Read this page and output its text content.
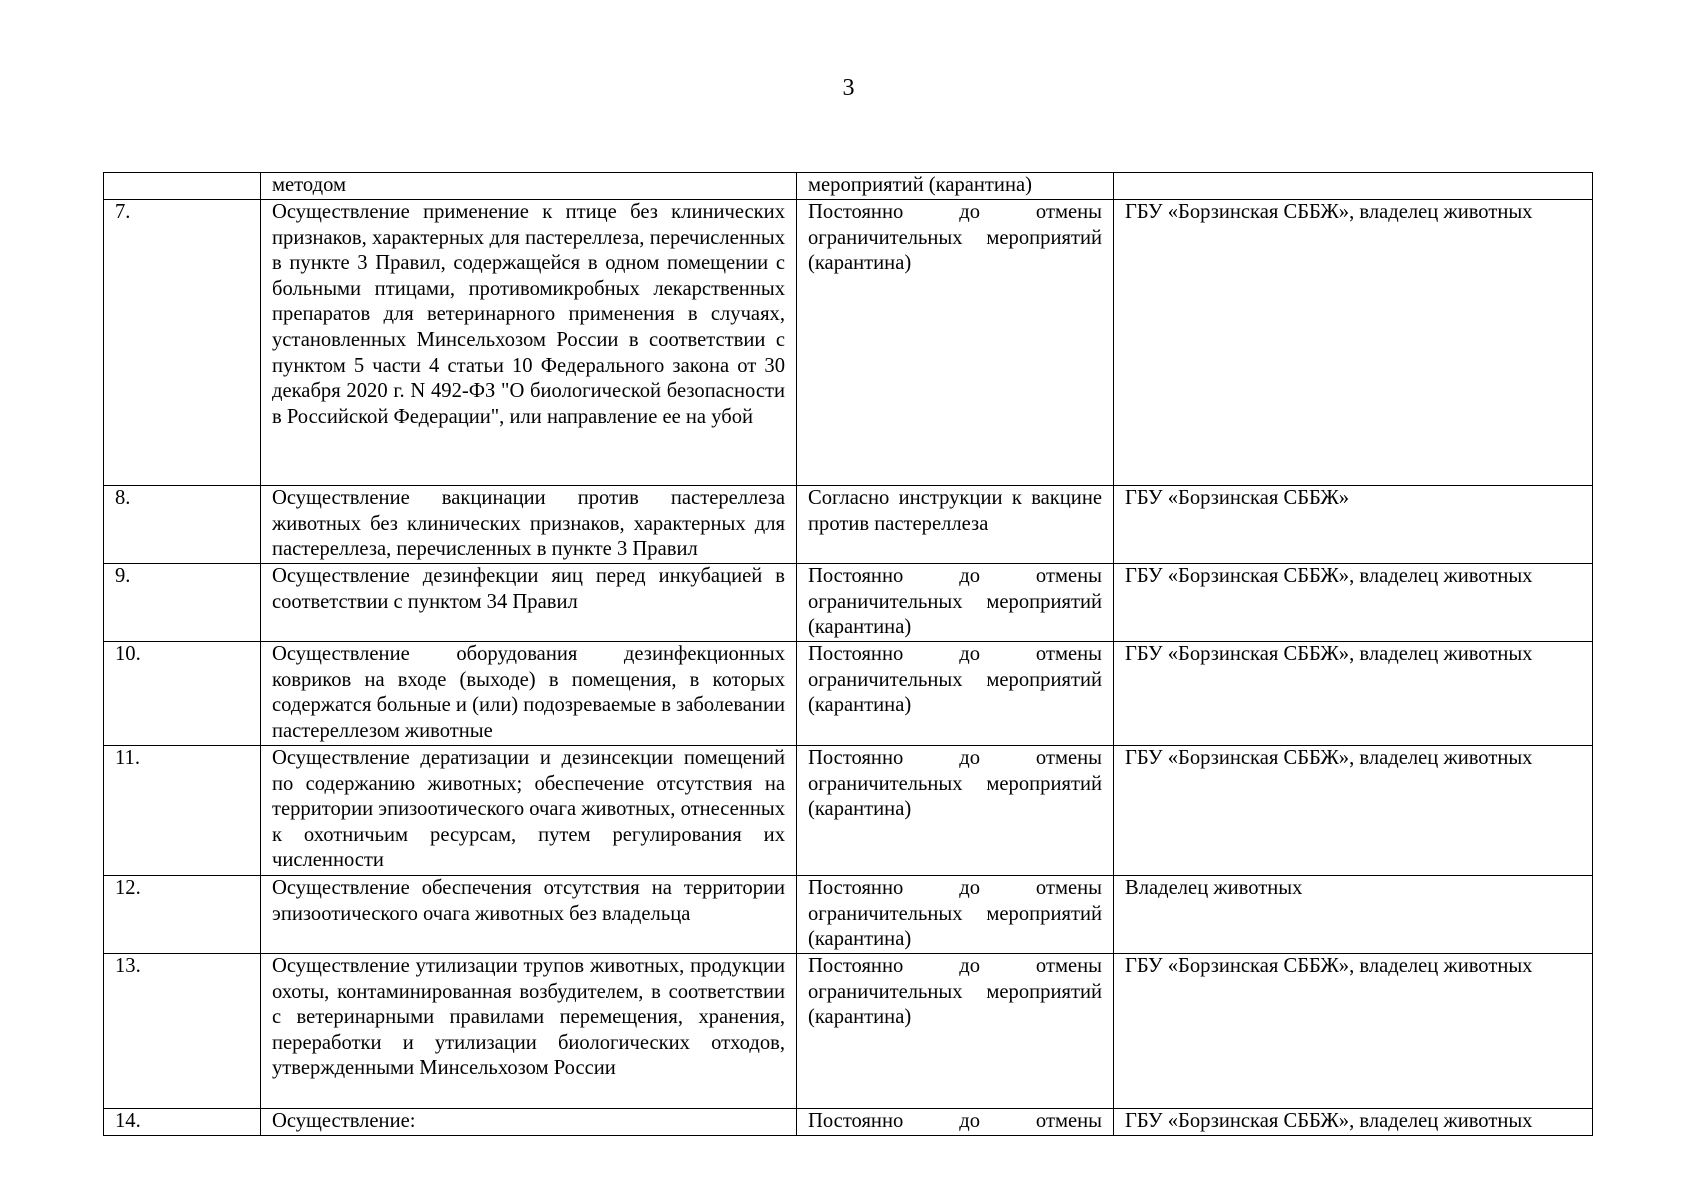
3
	методом	мероприятий (карантина)	
7.	Осуществление применение к птице без клинических признаков, характерных для пастереллеза, перечисленных в пункте 3 Правил, содержащейся в одном помещении с больными птицами, противомикробных лекарственных препаратов для ветеринарного применения в случаях, установленных Минсельхозом России в соответствии с пунктом 5 части 4 статьи 10 Федерального закона от 30 декабря 2020 г. N 492-ФЗ "О биологической безопасности в Российской Федерации", или направление ее на убой	Постоянно до отмены ограничительных мероприятий (карантина)	ГБУ «Борзинская СББЖ», владелец животных
8.	Осуществление вакцинации против пастереллеза животных без клинических признаков, характерных для пастереллеза, перечисленных в пункте 3 Правил	Согласно инструкции к вакцине против пастереллеза	ГБУ «Борзинская СББЖ»
9.	Осуществление дезинфекции яиц перед инкубацией в соответствии с пунктом 34 Правил	Постоянно до отмены ограничительных мероприятий (карантина)	ГБУ «Борзинская СББЖ», владелец животных
10.	Осуществление оборудования дезинфекционных ковриков на входе (выходе) в помещения, в которых содержатся больные и (или) подозреваемые в заболевании пастереллезом животные	Постоянно до отмены ограничительных мероприятий (карантина)	ГБУ «Борзинская СББЖ», владелец животных
11.	Осуществление дератизации и дезинсекции помещений по содержанию животных; обеспечение отсутствия на территории эпизоотического очага животных, отнесенных к охотничьим ресурсам, путем регулирования их численности	Постоянно до отмены ограничительных мероприятий (карантина)	ГБУ «Борзинская СББЖ», владелец животных
12.	Осуществление обеспечения отсутствия на территории эпизоотического очага животных без владельца	Постоянно до отмены ограничительных мероприятий (карантина)	Владелец животных
13.	Осуществление утилизации трупов животных, продукции охоты, контаминированная возбудителем, в соответствии с ветеринарными правилами перемещения, хранения, переработки и утилизации биологических отходов, утвержденными Минсельхозом России	Постоянно до отмены ограничительных мероприятий (карантина)	ГБУ «Борзинская СББЖ», владелец животных
14.	Осуществление:	Постоянно до отмены	ГБУ «Борзинская СББЖ», владелец животных
